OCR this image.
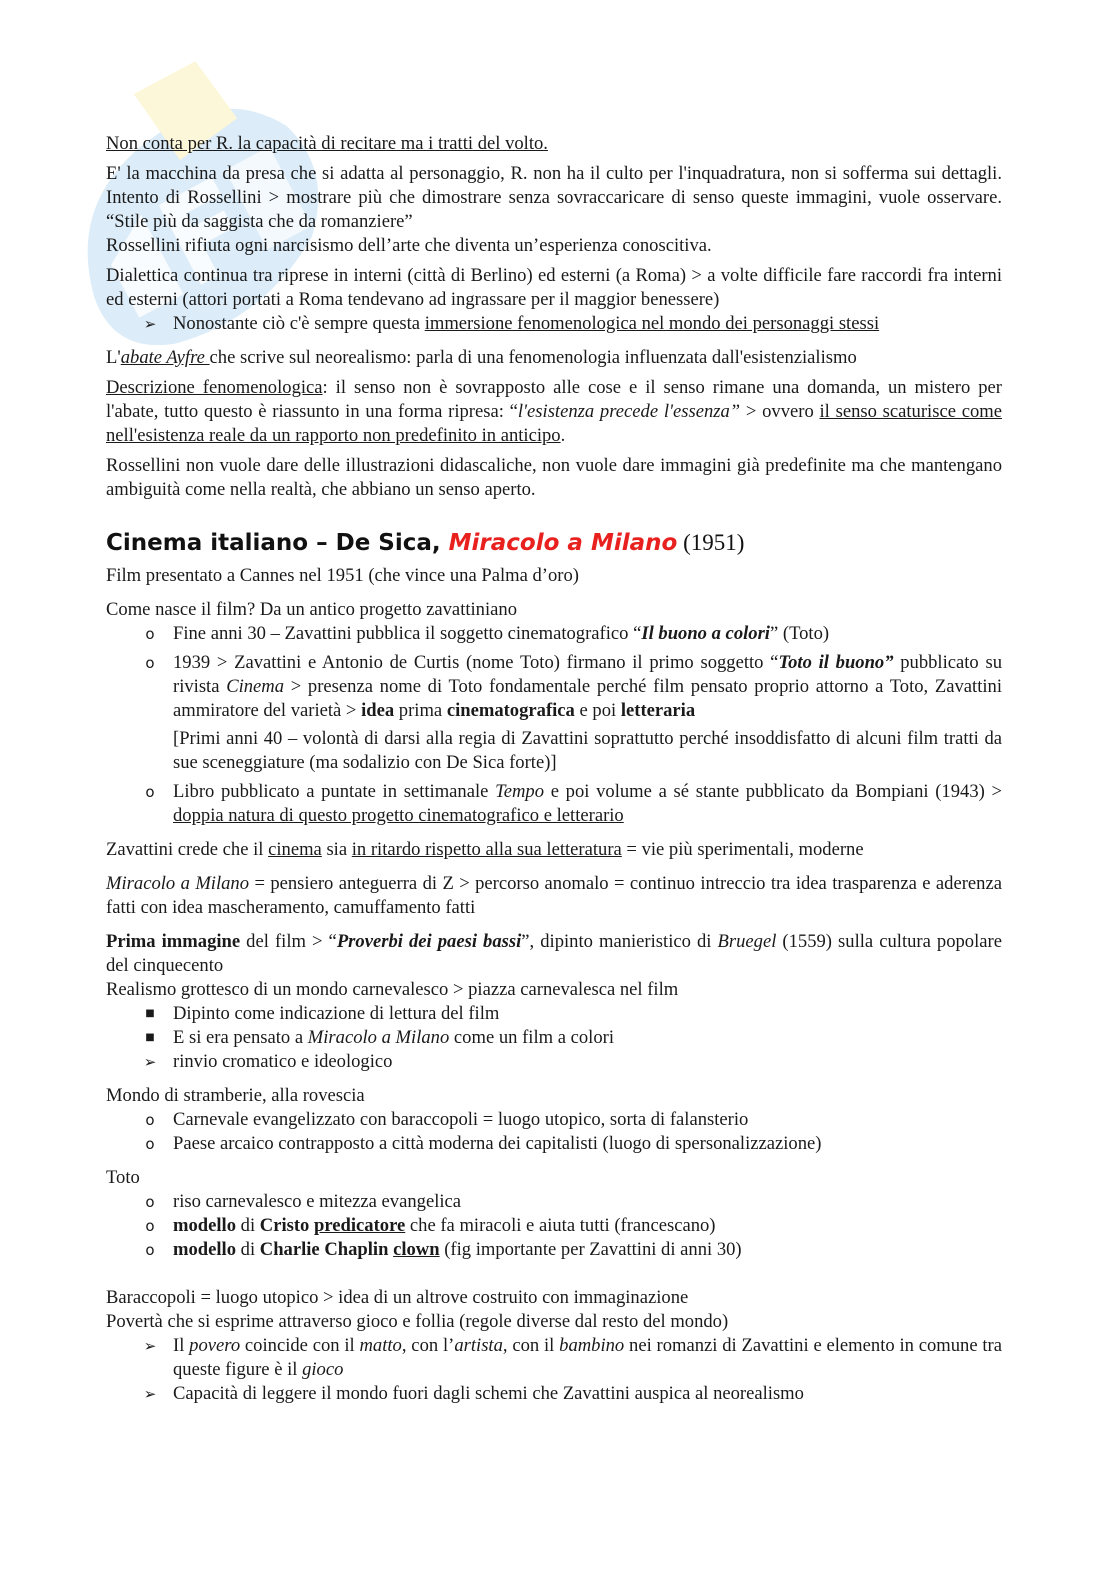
Non conta per R. la capacità di recitare ma i tratti del volto.

E' la macchina da presa che si adatta al personaggio, R. non ha il culto per l'inquadratura, non si sofferma sui dettagli. Intento di Rossellini > mostrare più che dimostrare senza sovraccaricare di senso queste immagini, vuole osservare. “Stile più da saggista che da romanziere”

Rossellini rifiuta ogni narcisismo dell’arte che diventa un’esperienza conoscitiva.

Dialettica continua tra riprese in interni (città di Berlino) ed esterni (a Roma) > a volte difficile fare raccordi fra interni ed esterni (attori portati a Roma tendevano ad ingrassare per il maggior benessere)

➢ Nonostante ciò c'è sempre questa immersione fenomenologica nel mondo dei personaggi stessi

L'abate Ayfre che scrive sul neorealismo: parla di una fenomenologia influenzata dall'esistenzialismo

Descrizione fenomenologica: il senso non è sovrapposto alle cose e il senso rimane una domanda, un mistero per l'abate, tutto questo è riassunto in una forma ripresa: “l'esistenza precede l'essenza” > ovvero il senso scaturisce come nell'esistenza reale da un rapporto non predefinito in anticipo.

Rossellini non vuole dare delle illustrazioni didascaliche, non vuole dare immagini già predefinite ma che mantengano ambiguità come nella realtà, che abbiano un senso aperto.

Cinema italiano – De Sica, Miracolo a Milano (1951)

Film presentato a Cannes nel 1951 (che vince una Palma d’oro)

Come nasce il film? Da un antico progetto zavattiniano

o Fine anni 30 – Zavattini pubblica il soggetto cinematografico “Il buono a colori” (Toto)
o 1939 > Zavattini e Antonio de Curtis (nome Toto) firmano il primo soggetto “Toto il buono” pubblicato su rivista Cinema > presenza nome di Toto fondamentale perché film pensato proprio attorno a Toto, Zavattini ammiratore del varietà > idea prima cinematografica e poi letteraria
[Primi anni 40 – volontà di darsi alla regia di Zavattini soprattutto perché insoddisfatto di alcuni film tratti da sue sceneggiature (ma sodalizio con De Sica forte)]
o Libro pubblicato a puntate in settimanale Tempo e poi volume a sé stante pubblicato da Bompiani (1943) > doppia natura di questo progetto cinematografico e letterario

Zavattini crede che il cinema sia in ritardo rispetto alla sua letteratura = vie più sperimentali, moderne

Miracolo a Milano = pensiero anteguerra di Z > percorso anomalo = continuo intreccio tra idea trasparenza e aderenza fatti con idea mascheramento, camuffamento fatti

Prima immagine del film > “Proverbi dei paesi bassi”, dipinto manieristico di Bruegel (1559) sulla cultura popolare del cinquecento

Realismo grottesco di un mondo carnevalesco > piazza carnevalesca nel film

■ Dipinto come indicazione di lettura del film
■ E si era pensato a Miracolo a Milano come un film a colori
➢ rinvio cromatico e ideologico

Mondo di stramberie, alla rovescia

o Carnevale evangelizzato con baraccopoli = luogo utopico, sorta di falansterio
o Paese arcaico contrapposto a città moderna dei capitalisti (luogo di spersonalizzazione)

Toto

o riso carnevalesco e mitezza evangelica
o modello di Cristo predicatore che fa miracoli e aiuta tutti (francescano)
o modello di Charlie Chaplin clown (fig importante per Zavattini di anni 30)

Baraccopoli = luogo utopico > idea di un altrove costruito con immaginazione

Povertà che si esprime attraverso gioco e follia (regole diverse dal resto del mondo)

➢ Il povero coincide con il matto, con l’artista, con il bambino nei romanzi di Zavattini e elemento in comune tra queste figure è il gioco
➢ Capacità di leggere il mondo fuori dagli schemi che Zavattini auspica al neorealismo
